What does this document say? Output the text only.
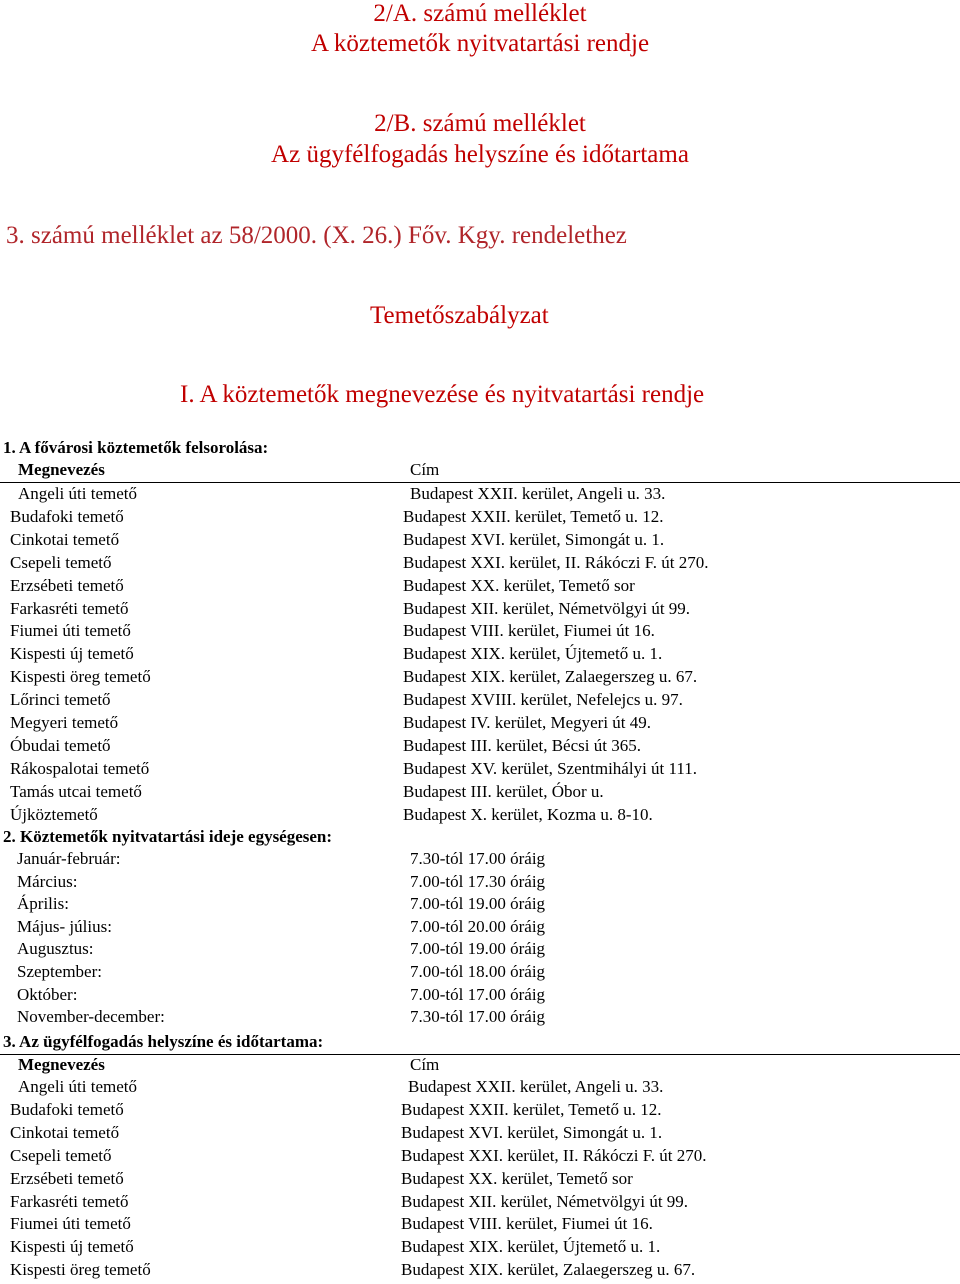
2/A. számú melléklet
A köztemetők nyitvatartási rendje
2/B. számú melléklet
Az ügyfélfogadás helyszíne és időtartama
3. számú melléklet az 58/2000. (X. 26.) Főv. Kgy. rendelethez
Temetőszabályzat
I. A köztemetők megnevezése és nyitvatartási rendje
1. A fővárosi köztemetők felsorolása:
Megnevezés	Cím
Angeli úti temető	Budapest XXII. kerület, Angeli u. 33.
Budafoki temető	Budapest XXII. kerület, Temető u. 12.
Cinkotai temető	Budapest XVI. kerület, Simongát u. 1.
Csepeli temető	Budapest XXI. kerület, II. Rákóczi F. út 270.
Erzsébeti temető	Budapest XX. kerület, Temető sor
Farkasréti temető	Budapest XII. kerület, Németvölgyi út 99.
Fiumei úti temető	Budapest VIII. kerület, Fiumei út 16.
Kispesti új temető	Budapest XIX. kerület, Újtemető u. 1.
Kispesti öreg temető	Budapest XIX. kerület, Zalaegerszeg u. 67.
Lőrinci temető	Budapest XVIII. kerület, Nefelejcs u. 97.
Megyeri temető	Budapest IV. kerület, Megyeri út 49.
Óbudai temető	Budapest III. kerület, Bécsi út 365.
Rákospalotai temető	Budapest XV. kerület, Szentmihályi út 111.
Tamás utcai temető	Budapest III. kerület, Óbor u.
Újköztemető	Budapest X. kerület, Kozma u. 8-10.
2. Köztemetők nyitvatartási ideje egységesen:
Január-február:	7.30-tól 17.00 óráig
Március:	7.00-tól 17.30 óráig
Április:	7.00-tól 19.00 óráig
Május- július:	7.00-tól 20.00 óráig
Augusztus:	7.00-tól 19.00 óráig
Szeptember:	7.00-tól 18.00 óráig
Október:	7.00-tól 17.00 óráig
November-december:	7.30-tól 17.00 óráig
3. Az ügyfélfogadás helyszíne és időtartama:
Megnevezés	Cím
Angeli úti temető	Budapest XXII. kerület, Angeli u. 33.
Budafoki temető	Budapest XXII. kerület, Temető u. 12.
Cinkotai temető	Budapest XVI. kerület, Simongát u. 1.
Csepeli temető	Budapest XXI. kerület, II. Rákóczi F. út 270.
Erzsébeti temető	Budapest XX. kerület, Temető sor
Farkasréti temető	Budapest XII. kerület, Németvölgyi út 99.
Fiumei úti temető	Budapest VIII. kerület, Fiumei út 16.
Kispesti új temető	Budapest XIX. kerület, Újtemető u. 1.
Kispesti öreg temető	Budapest XIX. kerület, Zalaegerszeg u. 67.
